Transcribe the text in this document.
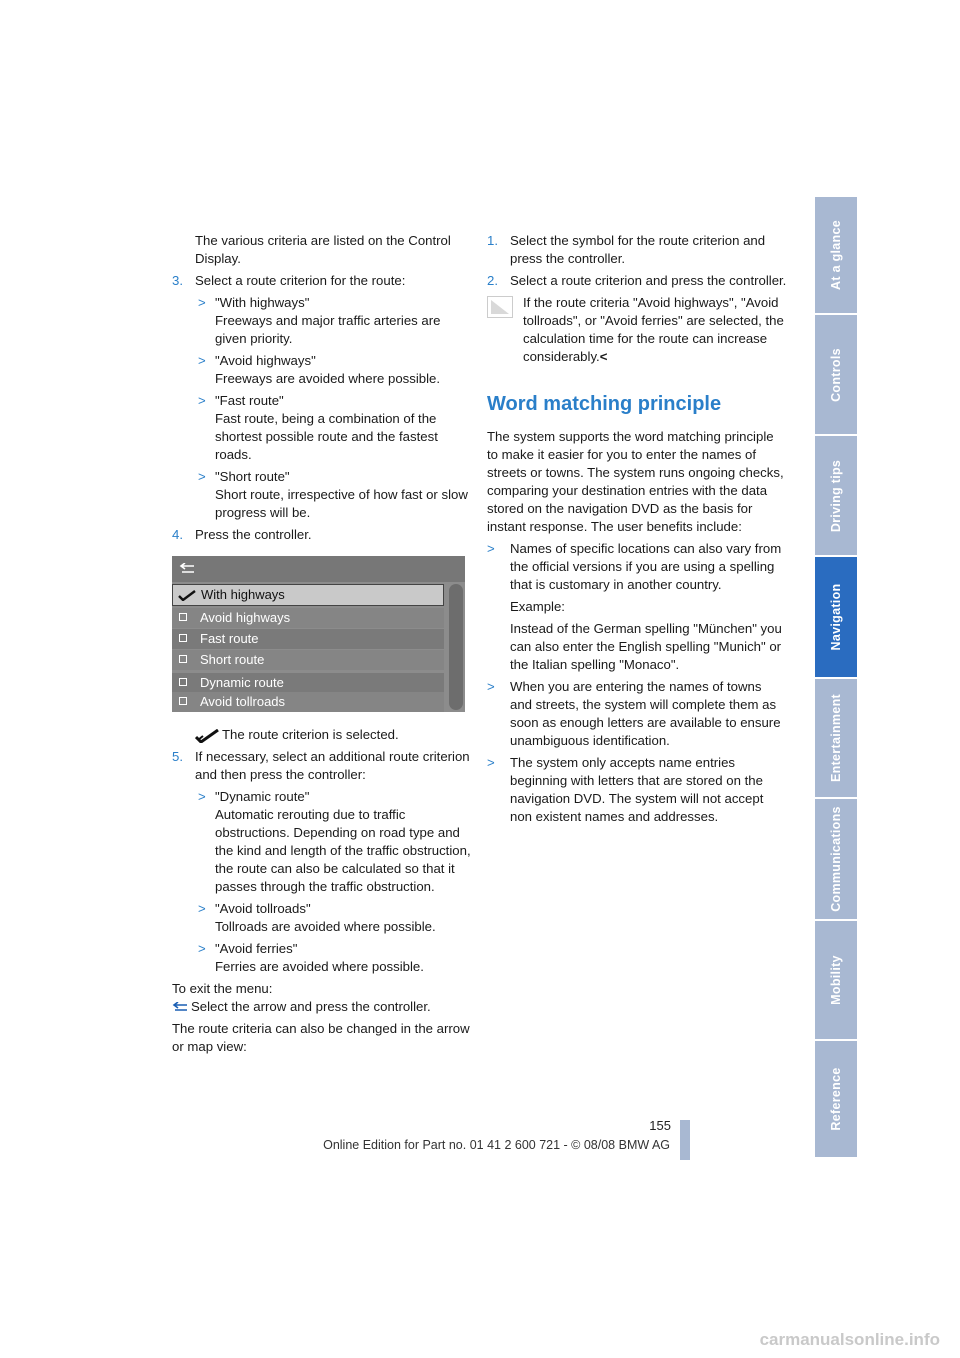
The various criteria are listed on the Control Display.

3. Select a route criterion for the route:
> "With highways"
Freeways and major traffic arteries are given priority.
> "Avoid highways"
Freeways are avoided where possible.
> "Fast route"
Fast route, being a combination of the shortest possible route and the fastest roads.
> "Short route"
Short route, irrespective of how fast or slow progress will be.
4. Press the controller.

The route criterion is selected.

5. If necessary, select an additional route criterion and then press the controller:
> "Dynamic route"
Automatic rerouting due to traffic obstructions. Depending on road type and the kind and length of the traffic obstruction, the route can also be calculated so that it passes through the traffic obstruction.
> "Avoid tollroads"
Tollroads are avoided where possible.
> "Avoid ferries"
Ferries are avoided where possible.

To exit the menu:

Select the arrow and press the controller.

The route criteria can also be changed in the arrow or map view:

With highways
Avoid highways
Fast route
Short route
Dynamic route
Avoid tollroads
1. Select the symbol for the route criterion and press the controller.
2. Select a route criterion and press the controller.
If the route criteria "Avoid highways", "Avoid tollroads", or "Avoid ferries" are selected, the calculation time for the route can increase considerably.<
Word matching principle

The system supports the word matching principle to make it easier for you to enter the names of streets or towns. The system runs ongoing checks, comparing your destination entries with the data stored on the navigation DVD as the basis for instant response. The user benefits include:

> Names of specific locations can also vary from the official versions if you are using a spelling that is customary in another country.
Example:
Instead of the German spelling "München" you can also enter the English spelling "Munich" or the Italian spelling "Monaco".
> When you are entering the names of towns and streets, the system will complete them as soon as enough letters are available to ensure unambiguous identification.
> The system only accepts name entries beginning with letters that are stored on the navigation DVD. The system will not accept non existent names and addresses.
At a glance
Controls
Driving tips
Navigation
Entertainment
Communications
Mobility
Reference
155
Online Edition for Part no. 01 41 2 600 721 - © 08/08 BMW AG
carmanualsonline.info
